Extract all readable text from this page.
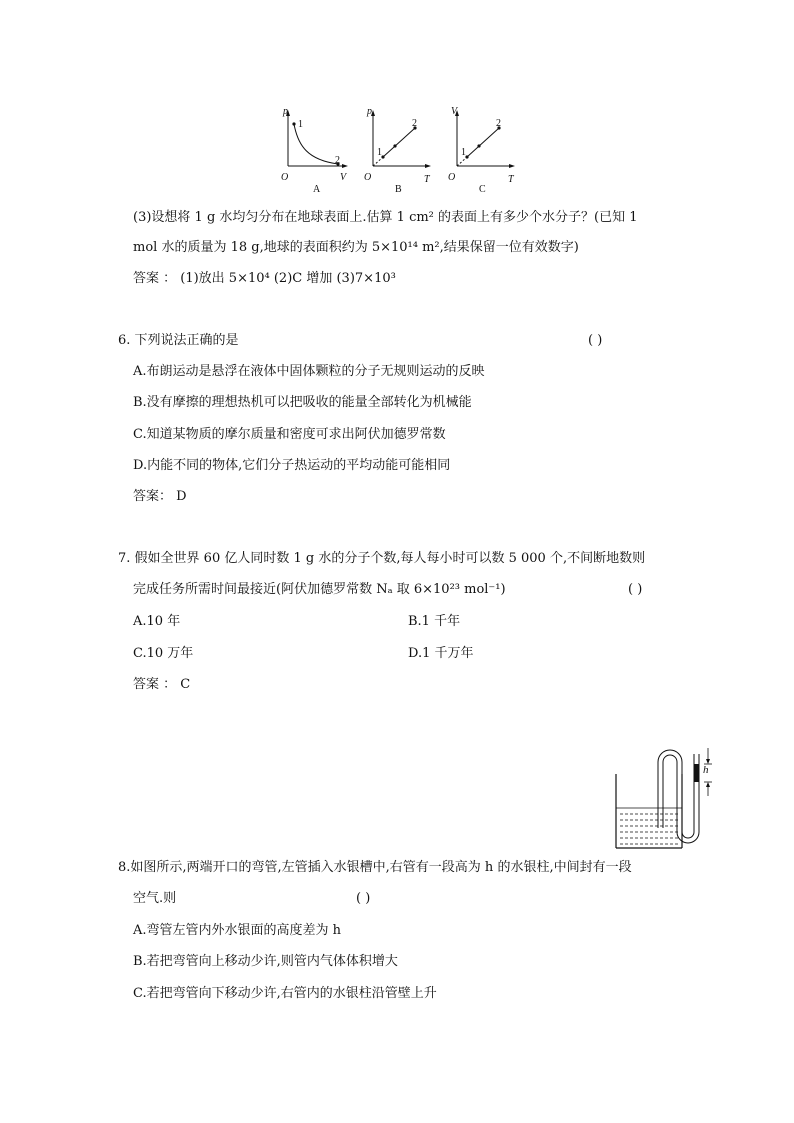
p
V
1
2
O
A
p
T
1
2
O
B
V
T
1
2
O
C
(3)设想将 1 g 水均匀分布在地球表面上.估算 1 cm² 的表面上有多少个水分子？(已知 1
mol 水的质量为 18 g,地球的表面积约为 5×10¹⁴ m²,结果保留一位有效数字)
答案 ： (1)放出 5×10⁴ (2)C 增加 (3)7×10³
6. 下列说法正确的是	( )
A.布朗运动是悬浮在液体中固体颗粒的分子无规则运动的反映
B.没有摩擦的理想热机可以把吸收的能量全部转化为机械能
C.知道某物质的摩尔质量和密度可求出阿伏加德罗常数
D.内能不同的物体,它们分子热运动的平均动能可能相同
答案： D
7. 假如全世界 60 亿人同时数 1 g 水的分子个数,每人每小时可以数 5 000 个,不间断地数则
完成任务所需时间最接近(阿伏加德罗常数 Nₐ 取 6×10²³ mol⁻¹)	( )
A.10 年	B.1 千年
C.10 万年	D.1 千万年
答案 ： C
h
8.如图所示,两端开口的弯管,左管插入水银槽中,右管有一段高为 h 的水银柱,中间封有一段
空气.则	( )
A.弯管左管内外水银面的高度差为 h
B.若把弯管向上移动少许,则管内气体体积增大
C.若把弯管向下移动少许,右管内的水银柱沿管壁上升
